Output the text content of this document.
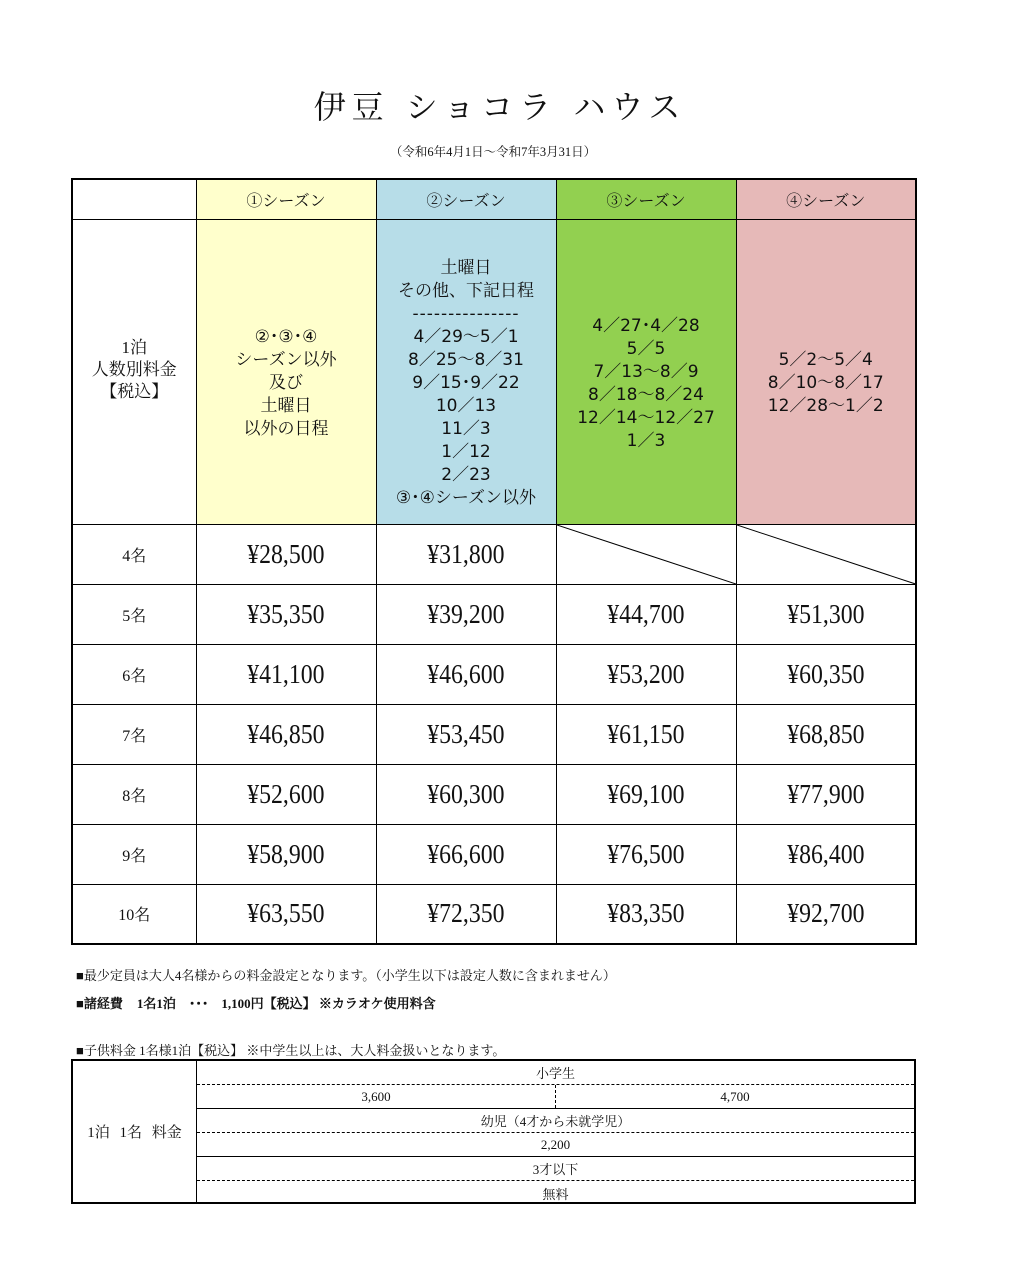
伊豆 ショコラ ハウス
（令和6年4月1日～令和7年3月31日）
	①シーズン	②シーズン	③シーズン	④シーズン

1泊
人数別料金
【税込】

②･③･④
シーズン以外
及び
土曜日
以外の日程

土曜日
その他、下記日程
---------------
4／29～5／1
8／25～8／31
9／15･9／22
10／13
11／3
1／12
2／23
③･④シーズン以外

4／27･4／28
5／5
7／13～8／9
8／18～8／24
12／14～12／27
1／3

5／2～5／4
8／10～8／17
12／28～1／2

4名	¥28,500	¥31,800	

5名	¥35,350	¥39,200	¥44,700	¥51,300
6名	¥41,100	¥46,600	¥53,200	¥60,350
7名	¥46,850	¥53,450	¥61,150	¥68,850
8名	¥52,600	¥60,300	¥69,100	¥77,900
9名	¥58,900	¥66,600	¥76,500	¥86,400
10名	¥63,550	¥72,350	¥83,350	¥92,700
■最少定員は大人4名様からの料金設定となります。（小学生以下は設定人数に含まれません）
■諸経費 1名1泊　･･･　1,100円【税込】 ※カラオケ使用料含
■子供料金 1名様1泊【税込】 ※中学生以上は、大人料金扱いとなります。
1泊 1名 料金
小学生
3,600	4,700
幼児（4才から未就学児）
2,200
3才以下
無料
